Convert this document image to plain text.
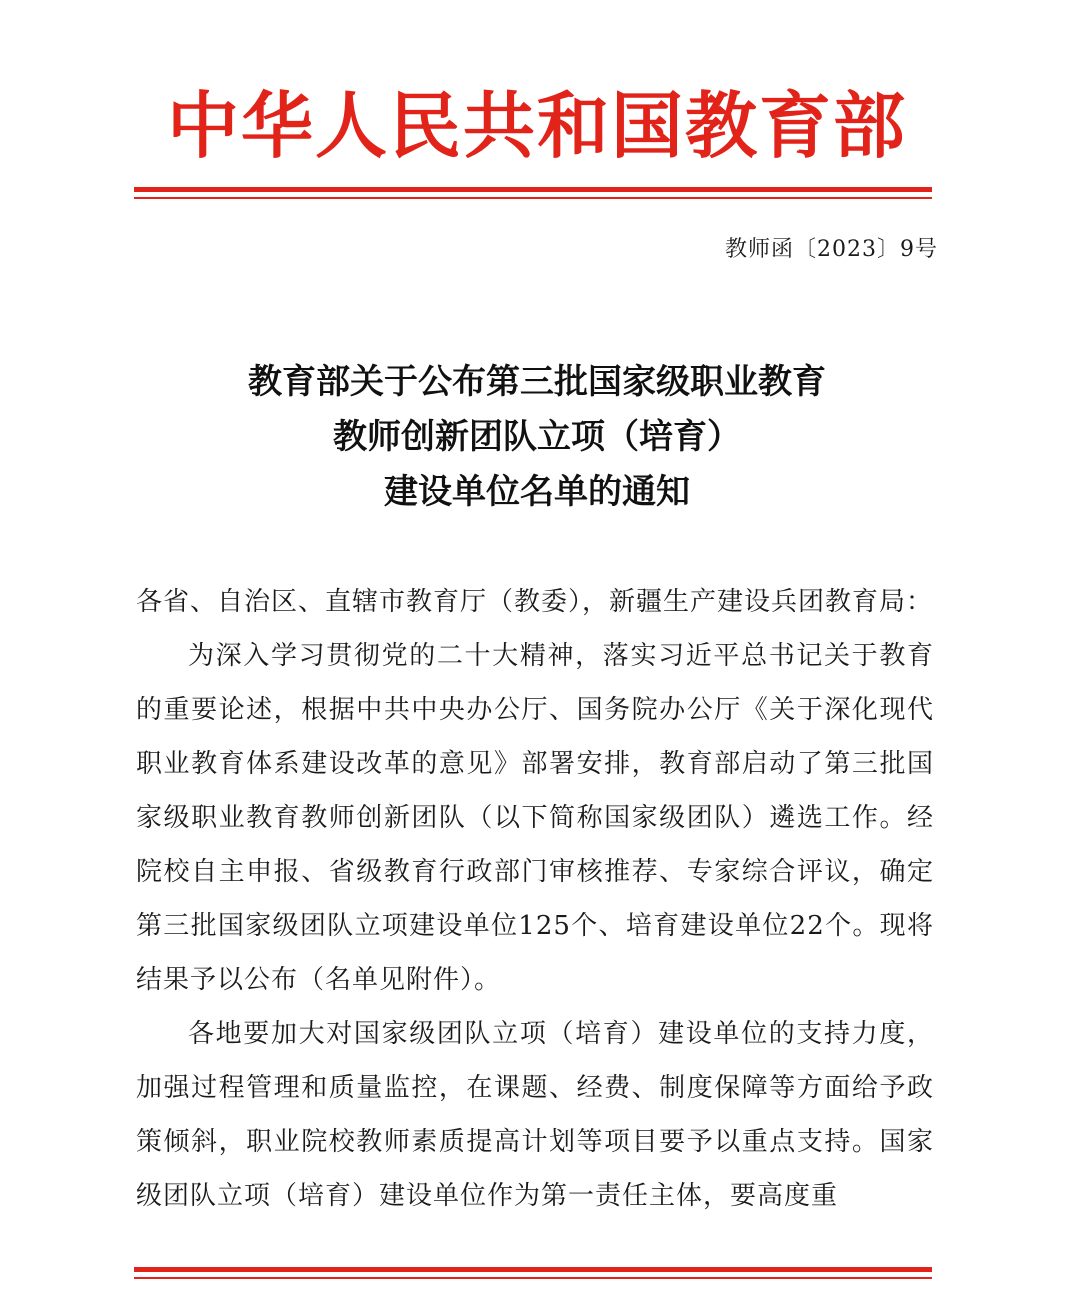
中华人民共和国教育部
教师函〔2023〕9号
教育部关于公布第三批国家级职业教育
教师创新团队立项（培育）
建设单位名单的通知

各省、自治区、直辖市教育厅（教委），新疆生产建设兵团教育局：

为深入学习贯彻党的二十大精神，落实习近平总书记关于教育的重要论述，根据中共中央办公厅、国务院办公厅《关于深化现代职业教育体系建设改革的意见》部署安排，教育部启动了第三批国家级职业教育教师创新团队（以下简称国家级团队）遴选工作。经院校自主申报、省级教育行政部门审核推荐、专家综合评议，确定第三批国家级团队立项建设单位125个、培育建设单位22个。现将结果予以公布（名单见附件）。

各地要加大对国家级团队立项（培育）建设单位的支持力度，加强过程管理和质量监控，在课题、经费、制度保障等方面给予政策倾斜，职业院校教师素质提高计划等项目要予以重点支持。国家级团队立项（培育）建设单位作为第一责任主体，要高度重
